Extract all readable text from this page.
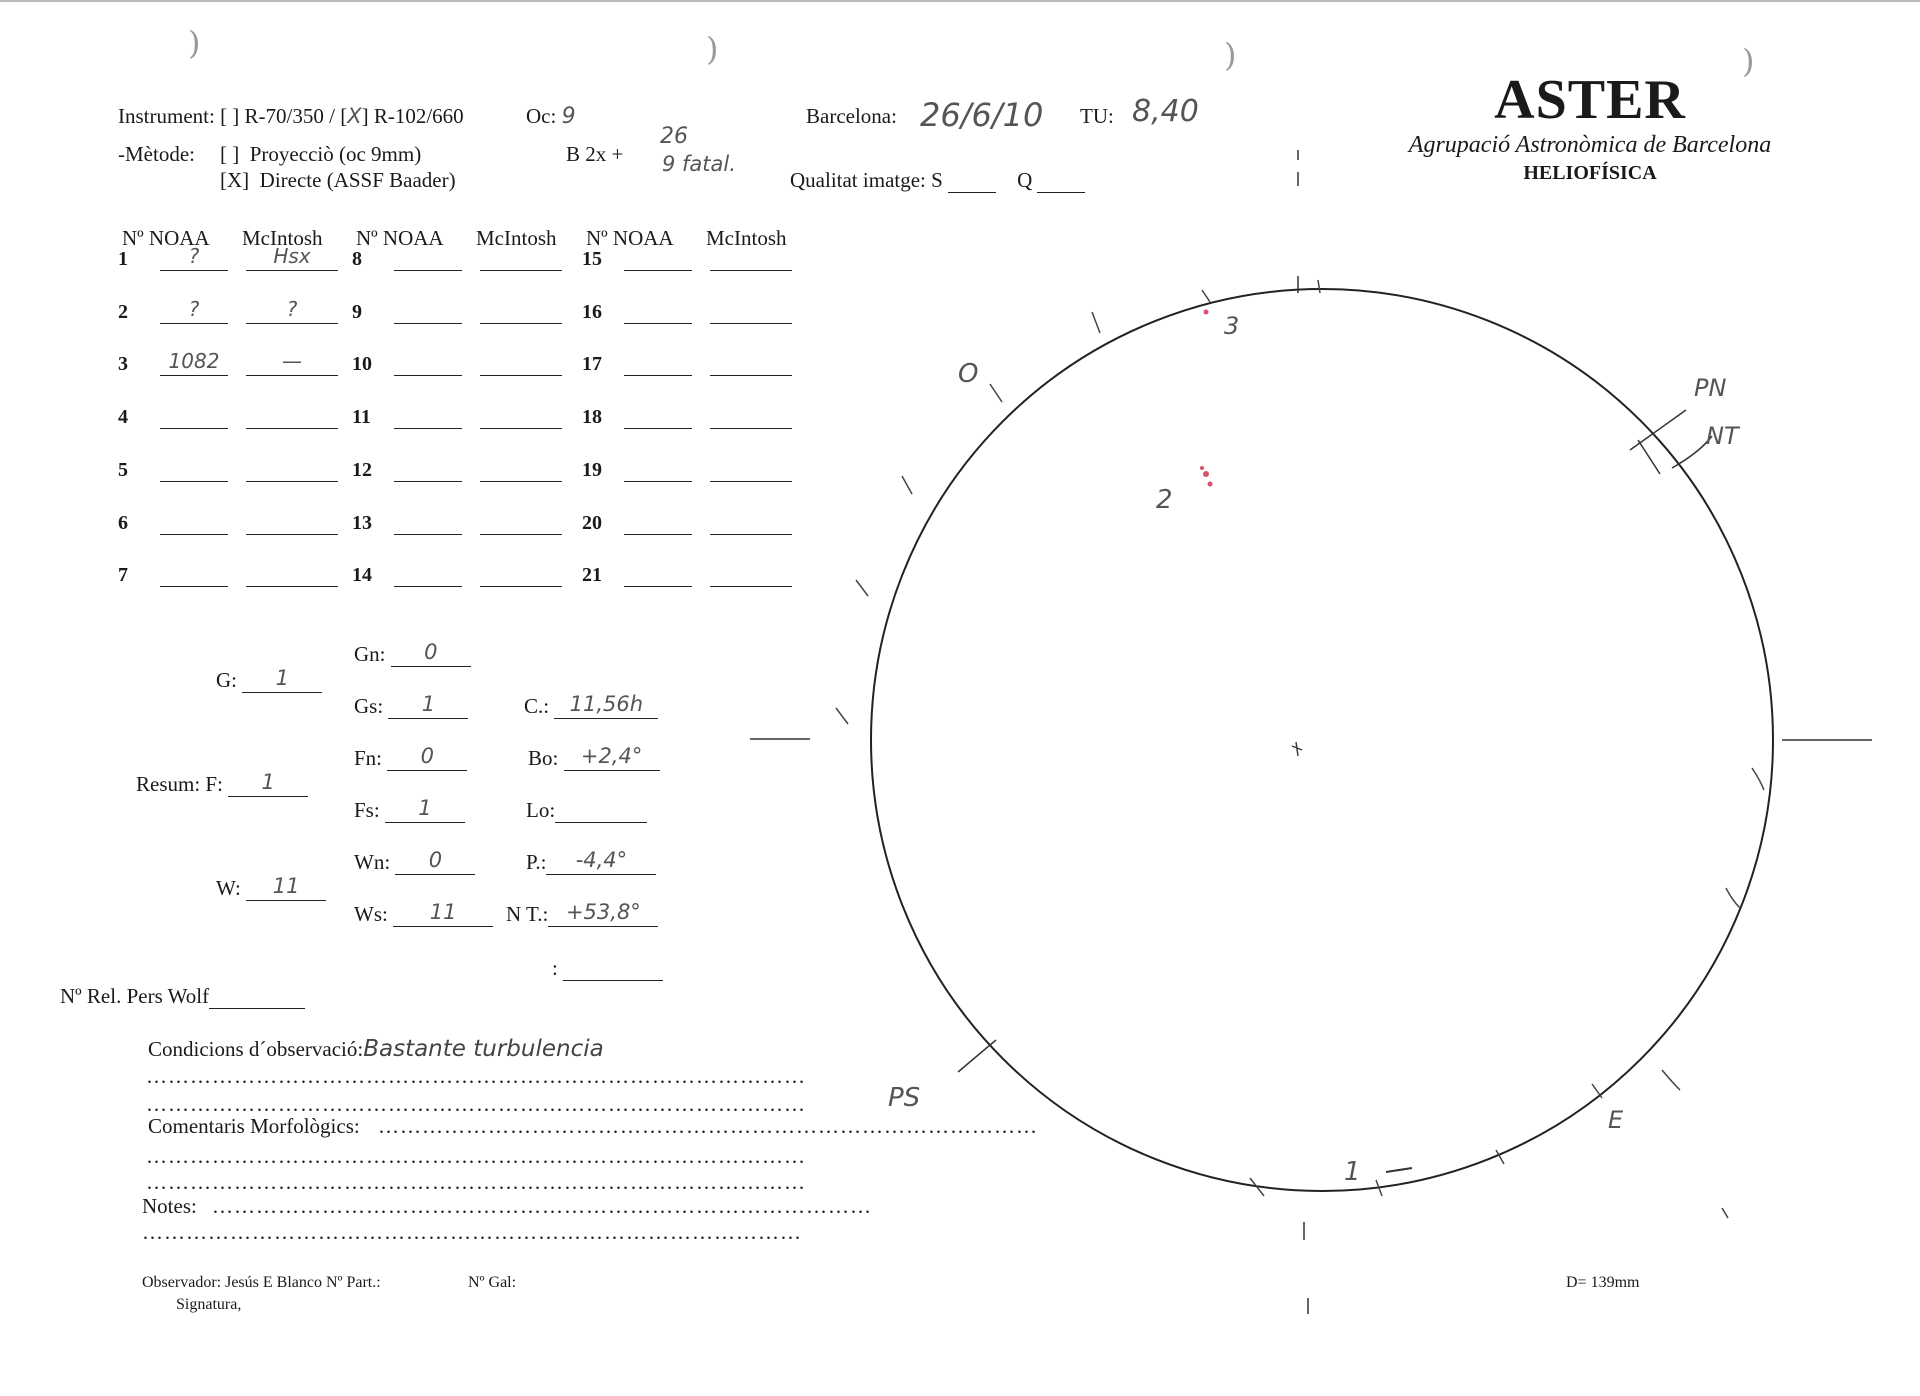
)	)	)	)
Instrument: [ ] R-70/350 / [X] R-102/660	Oc: 9
-Mètode: [ ] Proyecciò (oc 9mm)
[X] Directe (ASSF Baader)
B 2x +
26
9 fatal.
Barcelona: 26/6/10 TU: 8,40
Qualitat imatge: S	Q
ASTER
Agrupació Astronòmica de Barcelona
HELIOFÍSICA
Nº NOAA McIntosh
1	?	Hsx
2	?	?
3	1082	—
4
5
6
7
Nº NOAA McIntosh
8
9
10
11
12
13
14
Nº NOAA McIntosh
15
16
17
18
19
20
21
G:	1
Resum: F:	1
W:	11
Gn:	0
Gs:	1
Fn:	0
Fs:	1
Wn:	0
Ws:	11
C.: 11,56h
Bo:	+2,4°
Lo:
P.:	-4,4°
N T.: +53,8°
:
Nº Rel. Pers Wolf
Condicions d´observació:Bastante turbulencia
………………………………………………………………………………
………………………………………………………………………………
Comentaris Morfològics: ………………………………………………………………………………
………………………………………………………………………………
………………………………………………………………………………
Notes: ………………………………………………………………………………
………………………………………………………………………………
Observador: Jesús E Blanco Nº Part.:	Nº Gal:
Signatura,
D= 139mm
O	PN
NT
PS
E
1
2
3
